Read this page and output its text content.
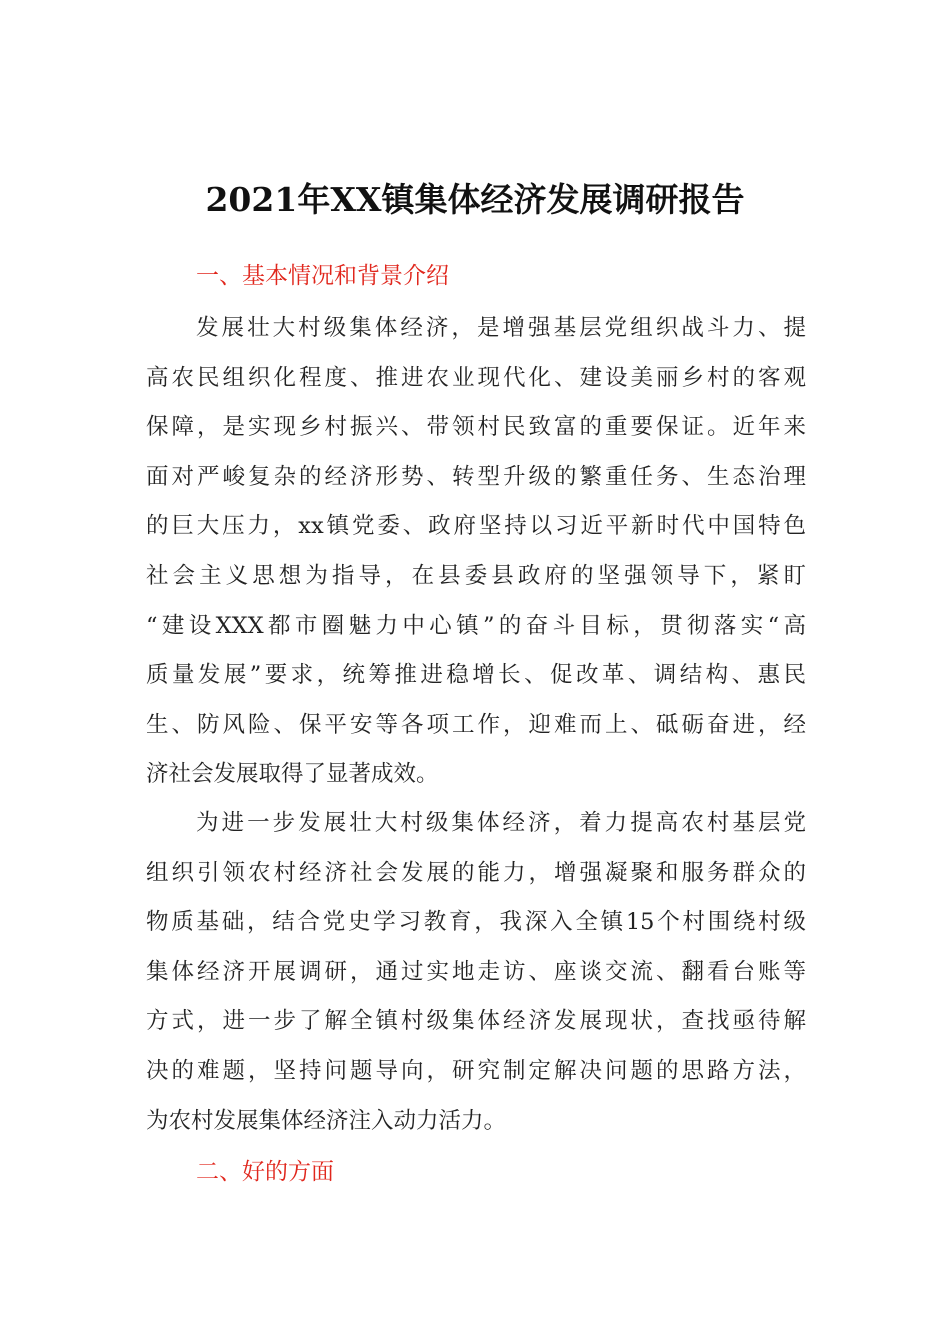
2021年XX镇集体经济发展调研报告
一、基本情况和背景介绍
发展壮大村级集体经济，是增强基层党组织战斗力、提
高农民组织化程度、推进农业现代化、建设美丽乡村的客观
保障，是实现乡村振兴、带领村民致富的重要保证。近年来
面对严峻复杂的经济形势、转型升级的繁重任务、生态治理
的巨大压力，xx镇党委、政府坚持以习近平新时代中国特色
社会主义思想为指导，在县委县政府的坚强领导下，紧盯
“建设XXX都市圈魅力中心镇”的奋斗目标，贯彻落实“高
质量发展”要求，统筹推进稳增长、促改革、调结构、惠民
生、防风险、保平安等各项工作，迎难而上、砥砺奋进，经
济社会发展取得了显著成效。
为进一步发展壮大村级集体经济，着力提高农村基层党
组织引领农村经济社会发展的能力，增强凝聚和服务群众的
物质基础，结合党史学习教育，我深入全镇15个村围绕村级
集体经济开展调研，通过实地走访、座谈交流、翻看台账等
方式，进一步了解全镇村级集体经济发展现状，查找亟待解
决的难题，坚持问题导向，研究制定解决问题的思路方法，
为农村发展集体经济注入动力活力。
二、好的方面
